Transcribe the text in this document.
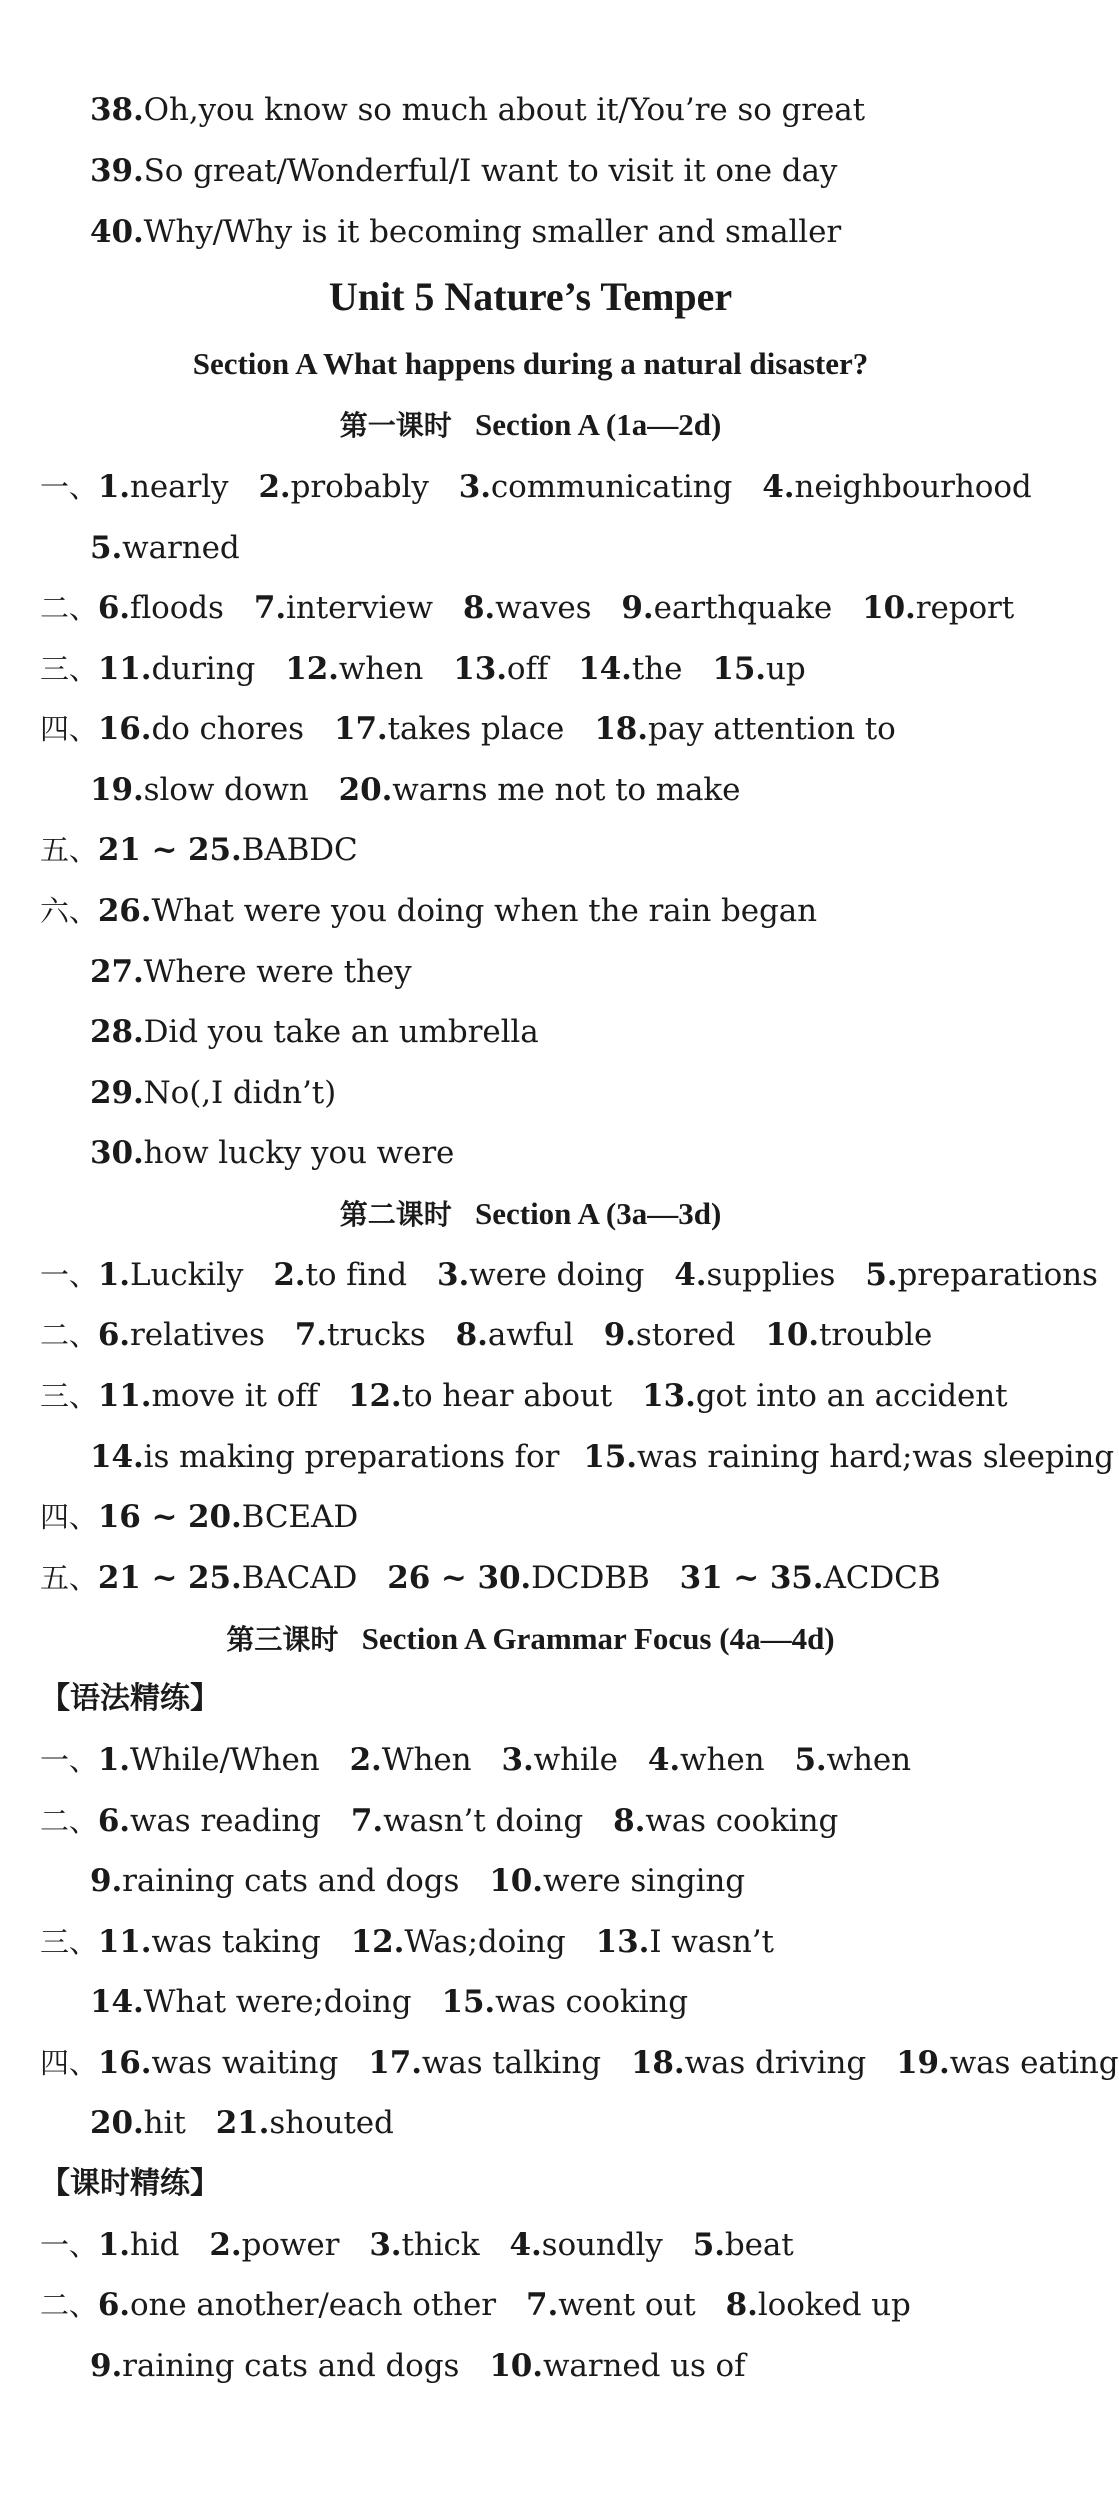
38.Oh,you know so much about it/You’re so great
39.So great/Wonderful/I want to visit it one day
40.Why/Why is it becoming smaller and smaller
Unit 5 Nature’s Temper
Section A What happens during a natural disaster?
第一课时 Section A (1a—2d)
一、1.nearly 2.probably 3.communicating 4.neighbourhood
5.warned
二、6.floods 7.interview 8.waves 9.earthquake 10.report
三、11.during 12.when 13.off 14.the 15.up
四、16.do chores 17.takes place 18.pay attention to
19.slow down 20.warns me not to make
五、21 ~ 25.BABDC
六、26.What were you doing when the rain began
27.Where were they
28.Did you take an umbrella
29.No(,I didn’t)
30.how lucky you were
第二课时 Section A (3a—3d)
一、1.Luckily 2.to find 3.were doing 4.supplies 5.preparations
二、6.relatives 7.trucks 8.awful 9.stored 10.trouble
三、11.move it off 12.to hear about 13.got into an accident
14.is making preparations for 15.was raining hard;was sleeping
四、16 ~ 20.BCEAD
五、21 ~ 25.BACAD 26 ~ 30.DCDBB 31 ~ 35.ACDCB
第三课时 Section A Grammar Focus (4a—4d)
【语法精练】
一、1.While/When 2.When 3.while 4.when 5.when
二、6.was reading 7.wasn’t doing 8.was cooking
9.raining cats and dogs 10.were singing
三、11.was taking 12.Was;doing 13.I wasn’t
14.What were;doing 15.was cooking
四、16.was waiting 17.was talking 18.was driving 19.was eating
20.hit 21.shouted
【课时精练】
一、1.hid 2.power 3.thick 4.soundly 5.beat
二、6.one another/each other 7.went out 8.looked up
9.raining cats and dogs 10.warned us of
